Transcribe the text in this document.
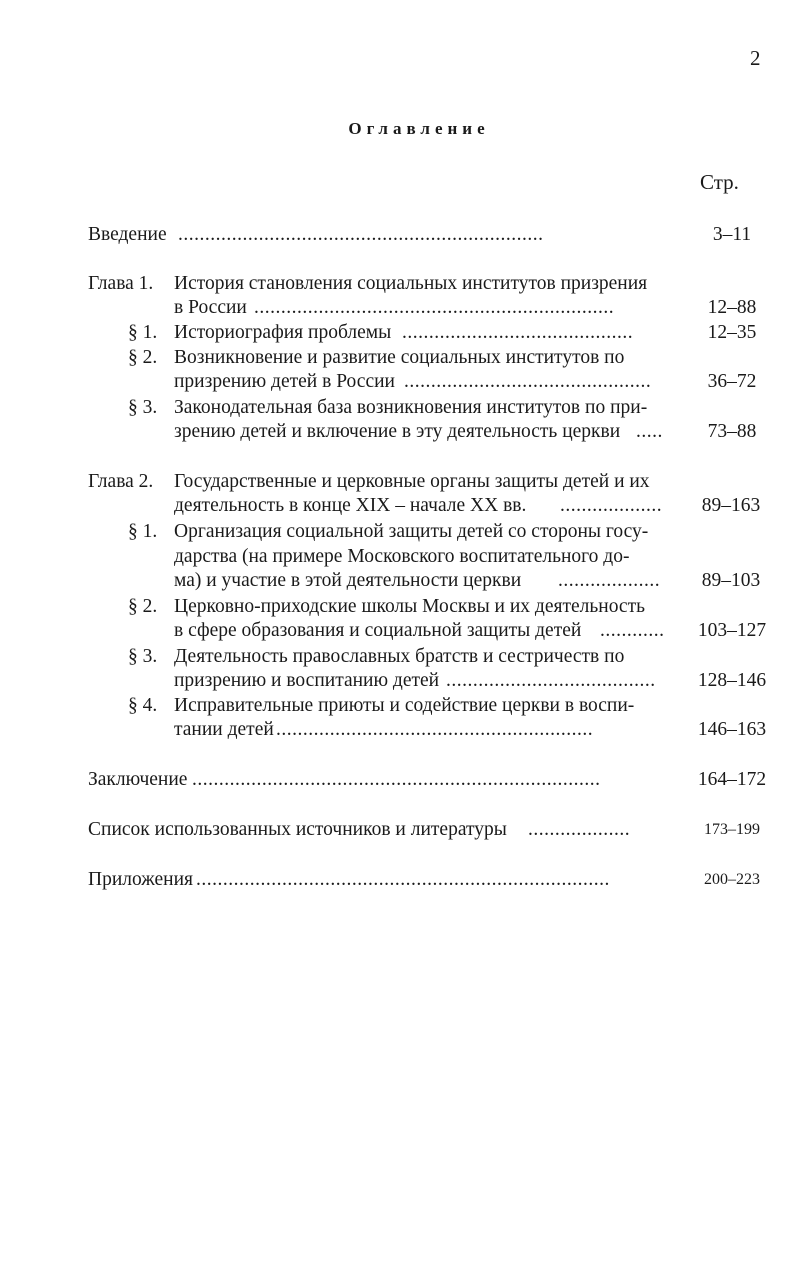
2
Оглавление
Стр.
Введение ....................................................................	3–11
Глава 1. История становления социальных институтов призрения
в России ...................................................................	12–88
§ 1. Историография проблемы ...........................................	12–35
§ 2. Возникновение и развитие социальных институтов по
призрению детей в России ..............................................	36–72
§ 3. Законодательная база возникновения институтов по при-
зрению детей и включение в эту деятельность церкви .....	73–88
Глава 2. Государственные и церковные органы защиты детей и их
деятельность в конце XIX – начале XX вв. ...................	89–163
§ 1. Организация социальной защиты детей со стороны госу-
дарства (на примере Московского воспитательного до-
ма) и участие в этой деятельности церкви ...................	89–103
§ 2. Церковно-приходские школы Москвы и их деятельность
в сфере образования и социальной защиты детей ............	103–127
§ 3. Деятельность православных братств и сестричеств по
призрению и воспитанию детей .......................................	128–146
§ 4. Исправительные приюты и содействие церкви в воспи-
тании детей ...........................................................	146–163
Заключение ............................................................................	164–172
Список использованных источников и литературы ...................	173–199
Приложения .............................................................................	200–223
